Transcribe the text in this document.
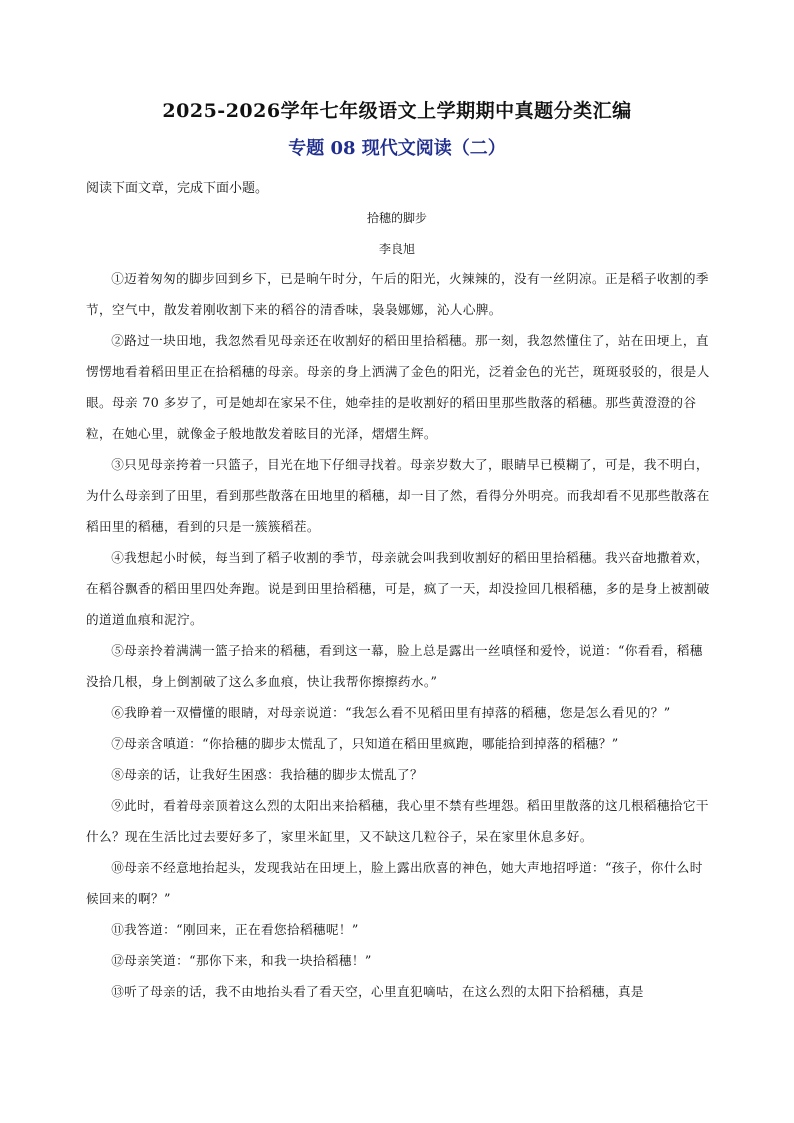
2025-2026学年七年级语文上学期期中真题分类汇编
专题 08 现代文阅读（二）
阅读下面文章，完成下面小题。
拾穗的脚步
李良旭

①迈着匆匆的脚步回到乡下，已是晌午时分，午后的阳光，火辣辣的，没有一丝阴凉。正是稻子收割的季节，空气中，散发着刚收割下来的稻谷的清香味，袅袅娜娜，沁人心脾。

②路过一块田地，我忽然看见母亲还在收割好的稻田里拾稻穗。那一刻，我忽然懂住了，站在田埂上，直愣愣地看着稻田里正在拾稻穗的母亲。母亲的身上洒满了金色的阳光，泛着金色的光芒，斑斑驳驳的，很是人眼。母亲 70 多岁了，可是她却在家呆不住，她牵挂的是收割好的稻田里那些散落的稻穗。那些黄澄澄的谷粒，在她心里，就像金子般地散发着眩目的光泽，熠熠生辉。

③只见母亲挎着一只篮子，目光在地下仔细寻找着。母亲岁数大了，眼睛早已模糊了，可是，我不明白，为什么母亲到了田里，看到那些散落在田地里的稻穗，却一目了然，看得分外明亮。而我却看不见那些散落在稻田里的稻穗，看到的只是一簇簇稻茬。

④我想起小时候，每当到了稻子收割的季节，母亲就会叫我到收割好的稻田里拾稻穗。我兴奋地撒着欢，在稻谷飘香的稻田里四处奔跑。说是到田里拾稻穗，可是，疯了一天，却没捡回几根稻穗，多的是身上被割破的道道血痕和泥泞。

⑤母亲拎着满满一篮子拾来的稻穗，看到这一幕，脸上总是露出一丝嗔怪和爱怜，说道：“你看看，稻穗没拾几根，身上倒割破了这么多血痕，快让我帮你擦擦药水。”

⑥我睁着一双懵懂的眼睛，对母亲说道：“我怎么看不见稻田里有掉落的稻穗，您是怎么看见的？”

⑦母亲含嗔道：“你拾穗的脚步太慌乱了，只知道在稻田里疯跑，哪能拾到掉落的稻穗？”

⑧母亲的话，让我好生困惑：我拾穗的脚步太慌乱了？

⑨此时，看着母亲顶着这么烈的太阳出来拾稻穗，我心里不禁有些埋怨。稻田里散落的这几根稻穗拾它干什么？现在生活比过去要好多了，家里米缸里，又不缺这几粒谷子，呆在家里休息多好。

⑩母亲不经意地抬起头，发现我站在田埂上，脸上露出欣喜的神色，她大声地招呼道：“孩子，你什么时候回来的啊？”

⑪我答道：“刚回来，正在看您拾稻穗呢！”

⑫母亲笑道：“那你下来，和我一块拾稻穗！”

⑬听了母亲的话，我不由地抬头看了看天空，心里直犯嘀咕，在这么烈的太阳下拾稻穗，真是
